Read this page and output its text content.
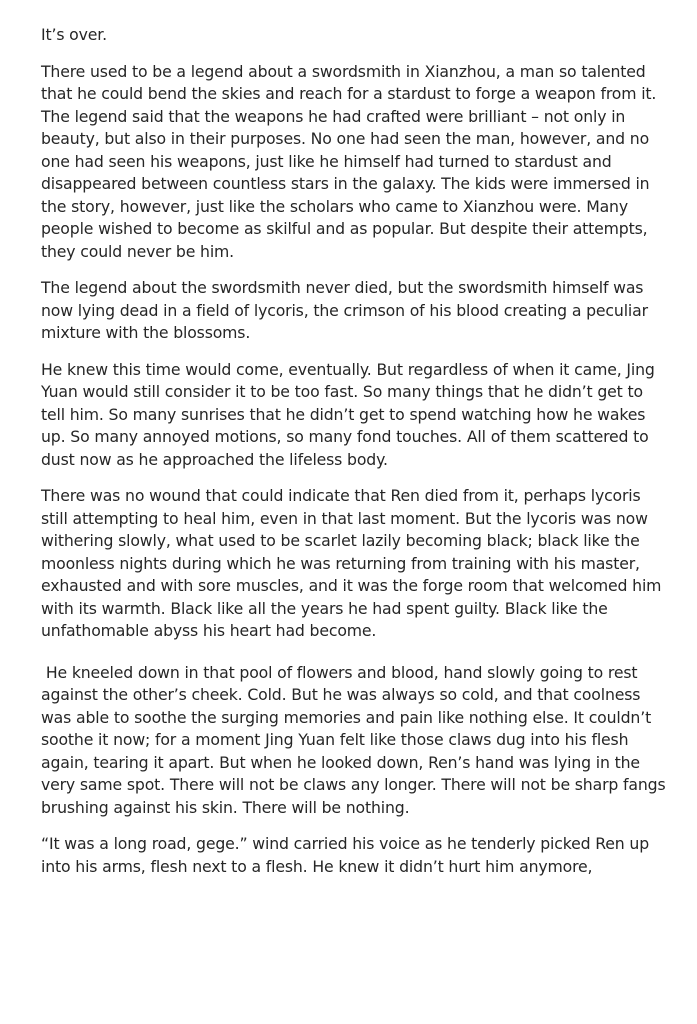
It’s over.

There used to be a legend about a swordsmith in Xianzhou, a man so talented that he could bend the skies and reach for a stardust to forge a weapon from it. The legend said that the weapons he had crafted were brilliant – not only in beauty, but also in their purposes. No one had seen the man, however, and no one had seen his weapons, just like he himself had turned to stardust and disappeared between countless stars in the galaxy. The kids were immersed in the story, however, just like the scholars who came to Xianzhou were. Many people wished to become as skilful and as popular. But despite their attempts, they could never be him.

The legend about the swordsmith never died, but the swordsmith himself was now lying dead in a field of lycoris, the crimson of his blood creating a peculiar mixture with the blossoms.

He knew this time would come, eventually. But regardless of when it came, Jing Yuan would still consider it to be too fast. So many things that he didn’t get to tell him. So many sunrises that he didn’t get to spend watching how he wakes up. So many annoyed motions, so many fond touches. All of them scattered to dust now as he approached the lifeless body.

There was no wound that could indicate that Ren died from it, perhaps lycoris still attempting to heal him, even in that last moment. But the lycoris was now withering slowly, what used to be scarlet lazily becoming black; black like the moonless nights during which he was returning from training with his master, exhausted and with sore muscles, and it was the forge room that welcomed him with its warmth. Black like all the years he had spent guilty. Black like the unfathomable abyss his heart had become.

He kneeled down in that pool of flowers and blood, hand slowly going to rest against the other’s cheek. Cold. But he was always so cold, and that coolness was able to soothe the surging memories and pain like nothing else. It couldn’t soothe it now; for a moment Jing Yuan felt like those claws dug into his flesh again, tearing it apart. But when he looked down, Ren’s hand was lying in the very same spot. There will not be claws any longer. There will not be sharp fangs brushing against his skin. There will be nothing.

“It was a long road, gege.” wind carried his voice as he tenderly picked Ren up into his arms, flesh next to a flesh. He knew it didn’t hurt him anymore,
